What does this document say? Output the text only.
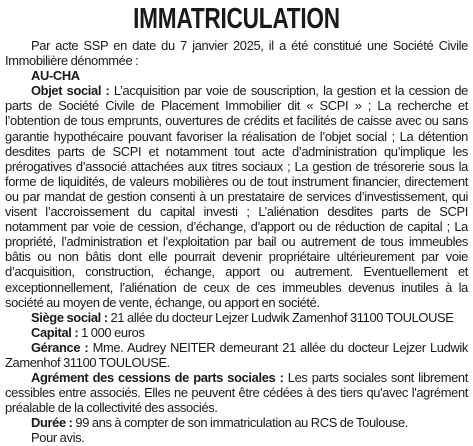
IMMATRICULATION

Par acte SSP en date du 7 janvier 2025, il a été constitué une Société Civile Immobilière dénommée :

AU-CHA

Objet social : L’acquisition par voie de souscription, la gestion et la cession de parts de Société Civile de Placement Immobilier dit « SCPI » ; La recherche et l’obtention de tous emprunts, ouvertures de crédits et facilités de caisse avec ou sans garantie hypothécaire pouvant favoriser la réalisation de l’objet social ; La détention desdites parts de SCPI et notamment tout acte d’administration qu’implique les prérogatives d’associé attachées aux titres sociaux ; La gestion de trésorerie sous la forme de liquidités, de valeurs mobilières ou de tout instrument financier, directement ou par mandat de gestion consenti à un prestataire de services d’investissement, qui visent l’accroissement du capital investi ; L’aliénation desdites parts de SCPI notamment par voie de cession, d’échange, d’apport ou de réduction de capital ; La propriété, l’administration et l’exploitation par bail ou autrement de tous immeubles bâtis ou non bâtis dont elle pourrait devenir propriétaire ultérieurement par voie d’acquisition, construction, échange, apport ou autrement. Eventuellement et exceptionnellement, l’aliénation de ceux de ces immeubles devenus inutiles à la société au moyen de vente, échange, ou apport en société.

Siège social : 21 allée du docteur Lejzer Ludwik Zamenhof 31100 TOULOUSE

Capital : 1 000 euros

Gérance : Mme. Audrey NEITER demeurant 21 allée du docteur Lejzer Ludwik Zamenhof 31100 TOULOUSE.

Agrément des cessions de parts sociales : Les parts sociales sont librement cessibles entre associés. Elles ne peuvent être cédées à des tiers qu'avec l'agrément préalable de la collectivité des associés.

Durée : 99 ans à compter de son immatriculation au RCS de Toulouse.

Pour avis.
